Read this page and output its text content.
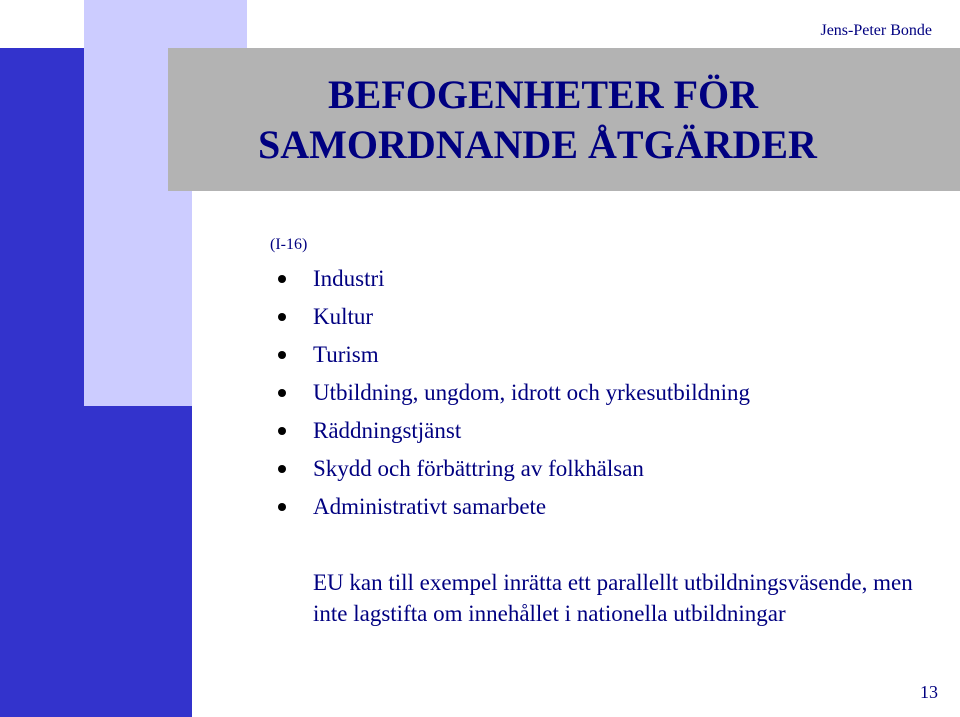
Jens-Peter Bonde
BEFOGENHETER FÖR
SAMORDNANDE ÅTGÄRDER
(I-16)
Industri
Kultur
Turism
Utbildning, ungdom, idrott och yrkesutbildning
Räddningstjänst
Skydd och förbättring av folkhälsan
Administrativt samarbete
EU kan till exempel inrätta ett parallellt utbildningsväsende, men inte lagstifta om innehållet i nationella utbildningar
13
